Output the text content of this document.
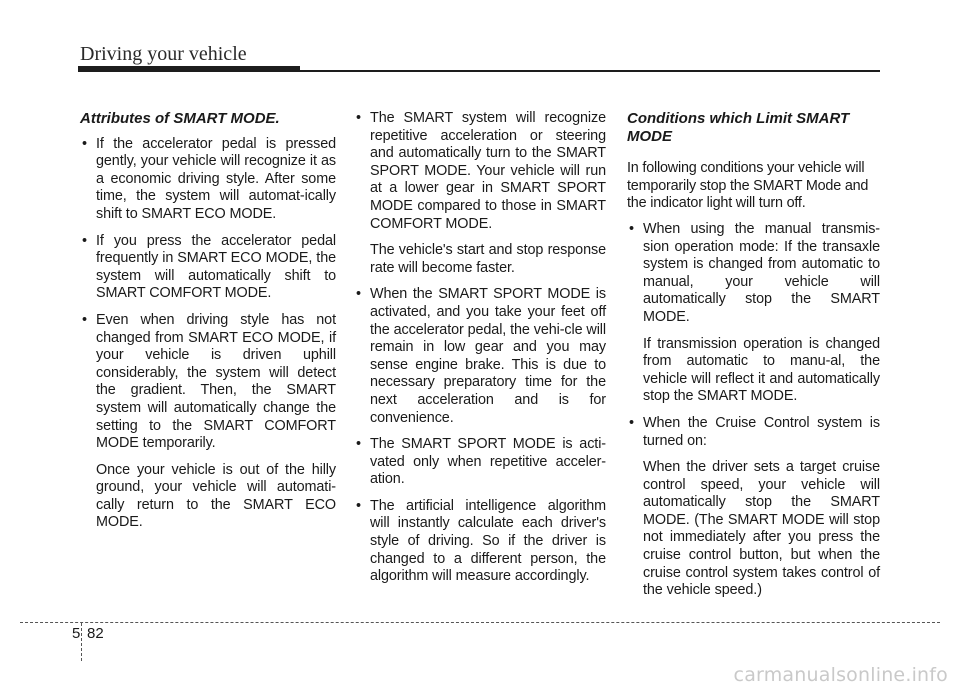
Driving your vehicle
Attributes of SMART MODE.

• If the accelerator pedal is pressed gently, your vehicle will recognize it as a economic driving style. After some time, the system will automat-ically shift to SMART ECO MODE.

• If you press the accelerator pedal frequently in SMART ECO MODE, the system will automatically shift to SMART COMFORT MODE.

• Even when driving style has not changed from SMART ECO MODE, if your vehicle is driven uphill considerably, the system will detect the gradient. Then, the SMART system will automatically change the setting to the SMART COMFORT MODE temporarily.

Once your vehicle is out of the hilly ground, your vehicle will automati-cally return to the SMART ECO MODE.

• The SMART system will recognize repetitive acceleration or steering and automatically turn to the SMART SPORT MODE. Your vehicle will run at a lower gear in SMART SPORT MODE compared to those in SMART COMFORT MODE.

The vehicle's start and stop response rate will become faster.

• When the SMART SPORT MODE is activated, and you take your feet off the accelerator pedal, the vehi-cle will remain in low gear and you may sense engine brake. This is due to necessary preparatory time for the next acceleration and is for convenience.

• The SMART SPORT MODE is acti-vated only when repetitive acceler-ation.

• The artificial intelligence algorithm will instantly calculate each driver's style of driving. So if the driver is changed to a different person, the algorithm will measure accordingly.

Conditions which Limit SMART MODE

In following conditions your vehicle will temporarily stop the SMART Mode and the indicator light will turn off.

• When using the manual transmis-sion operation mode: If the transaxle system is changed from automatic to manual, your vehicle will automatically stop the SMART MODE.

If transmission operation is changed from automatic to manu-al, the vehicle will reflect it and automatically stop the SMART MODE.

• When the Cruise Control system is turned on:

When the driver sets a target cruise control speed, your vehicle will automatically stop the SMART MODE. (The SMART MODE will stop not immediately after you press the cruise control button, but when the cruise control system takes control of the vehicle speed.)

5 82
carmanualsonline.info
